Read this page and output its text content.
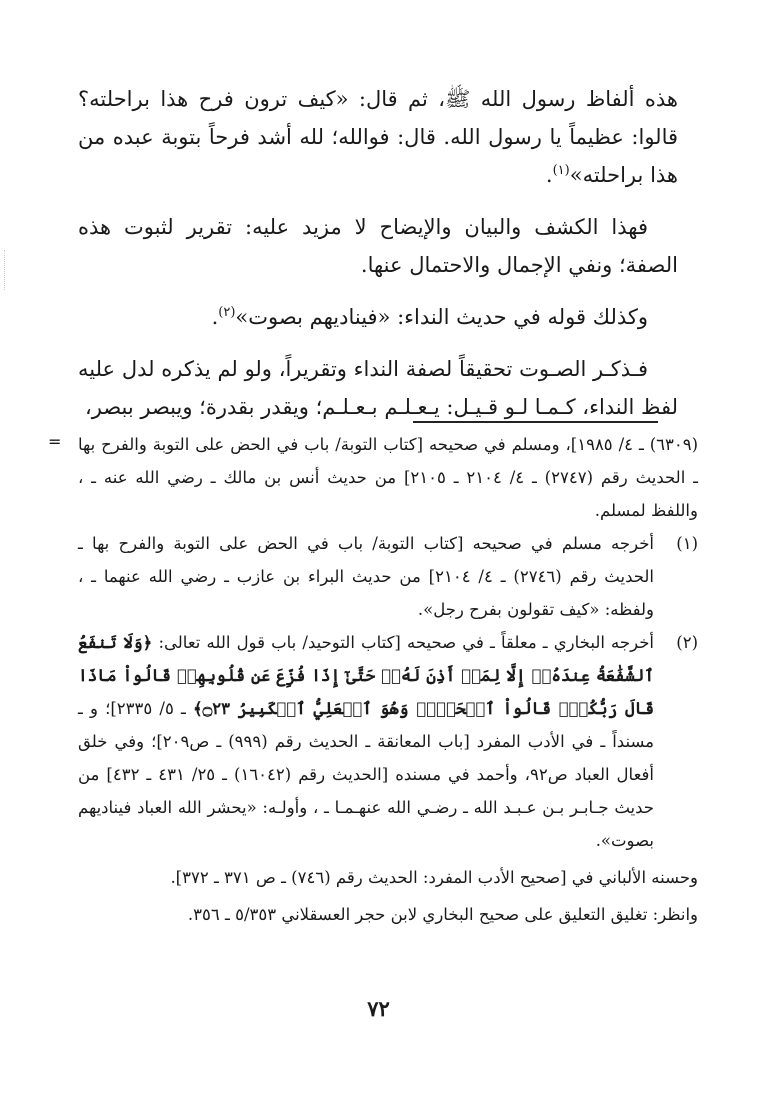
هذه ألفاظ رسول الله ﷺ، ثم قال: «كيف ترون فرح هذا براحلته؟ قالوا: عظيماً يا رسول الله. قال: فوالله؛ لله أشد فرحاً بتوبة عبده من هذا براحلته»$^{(١)}$.

فهذا الكشف والبيان والإيضاح لا مزيد عليه: تقرير لثبوت هذه الصفة؛ ونفي الإجمال والاحتمال عنها.

وكذلك قوله في حديث النداء: «فيناديهم بصوت»$^{(٢)}$.

فـذكـر الصـوت تحقيقاً لصفة النداء وتقريراً، ولو لم يذكره لدل عليه لفظ النداء، كـمـا لـو قـيـل: يـعـلـم بـعـلـم؛ ويقدر بقدرة؛ ويبصر ببصر،

=	(٦٣٠٩) ـ ٤/ ١٩٨٥]، ومسلم في صحيحه [كتاب التوبة/ باب في الحض على التوبة والفرح بها ـ الحديث رقم (٢٧٤٧) ـ ٤/ ٢١٠٤ ـ ٢١٠٥] من حديث أنس بن مالك ـ رضي الله عنه ـ ، واللفظ لمسلم.

(١)
أخرجه مسلم في صحيحه [كتاب التوبة/ باب في الحض على التوبة والفرح بها ـ الحديث رقم (٢٧٤٦) ـ ٤/ ٢١٠٤] من حديث البراء بن عازب ـ رضي الله عنهما ـ ، ولفظه: «كيف تقولون بفرح رجل».

(٢)
أخرجه البخاري ـ معلقاً ـ في صحيحه [كتاب التوحيد/ باب قول الله تعالى: ﴿وَلَا تَنفَعُ ٱلشَّفَٰعَةُ عِندَهُۥٓ إِلَّا لِمَنۡ أَذِنَ لَهُۥۚ حَتَّىٰٓ إِذَا فُزِّعَ عَن قُلُوبِهِمۡ قَالُواْ مَاذَا قَالَ رَبُّكُمۡۖ قَالُواْ ٱلۡحَقَّۖ وَهُوَ ٱلۡعَلِيُّ ٱلۡكَبِيرُ ۝٢٣﴾ ـ ٥/ ٢٣٣٥]؛ و ـ مسنداً ـ في الأدب المفرد [باب المعانقة ـ الحديث رقم (٩٩٩) ـ ص٢٠٩]؛ وفي خلق أفعال العباد ص٩٢، وأحمد في مسنده [الحديث رقم (١٦٠٤٢) ـ ٢٥/ ٤٣١ ـ ٤٣٢] من حديث جـابـر بـن عـبـد الله ـ رضـي الله عنهـمـا ـ ، وأولـه: «يحشر الله العباد فيناديهم بصوت».

وحسنه الألباني في [صحيح الأدب المفرد: الحديث رقم (٧٤٦) ـ ص ٣٧١ ـ ٣٧٢].

وانظر: تغليق التعليق على صحيح البخاري لابن حجر العسقلاني ٥/٣٥٣ ـ ٣٥٦.

٧٢
